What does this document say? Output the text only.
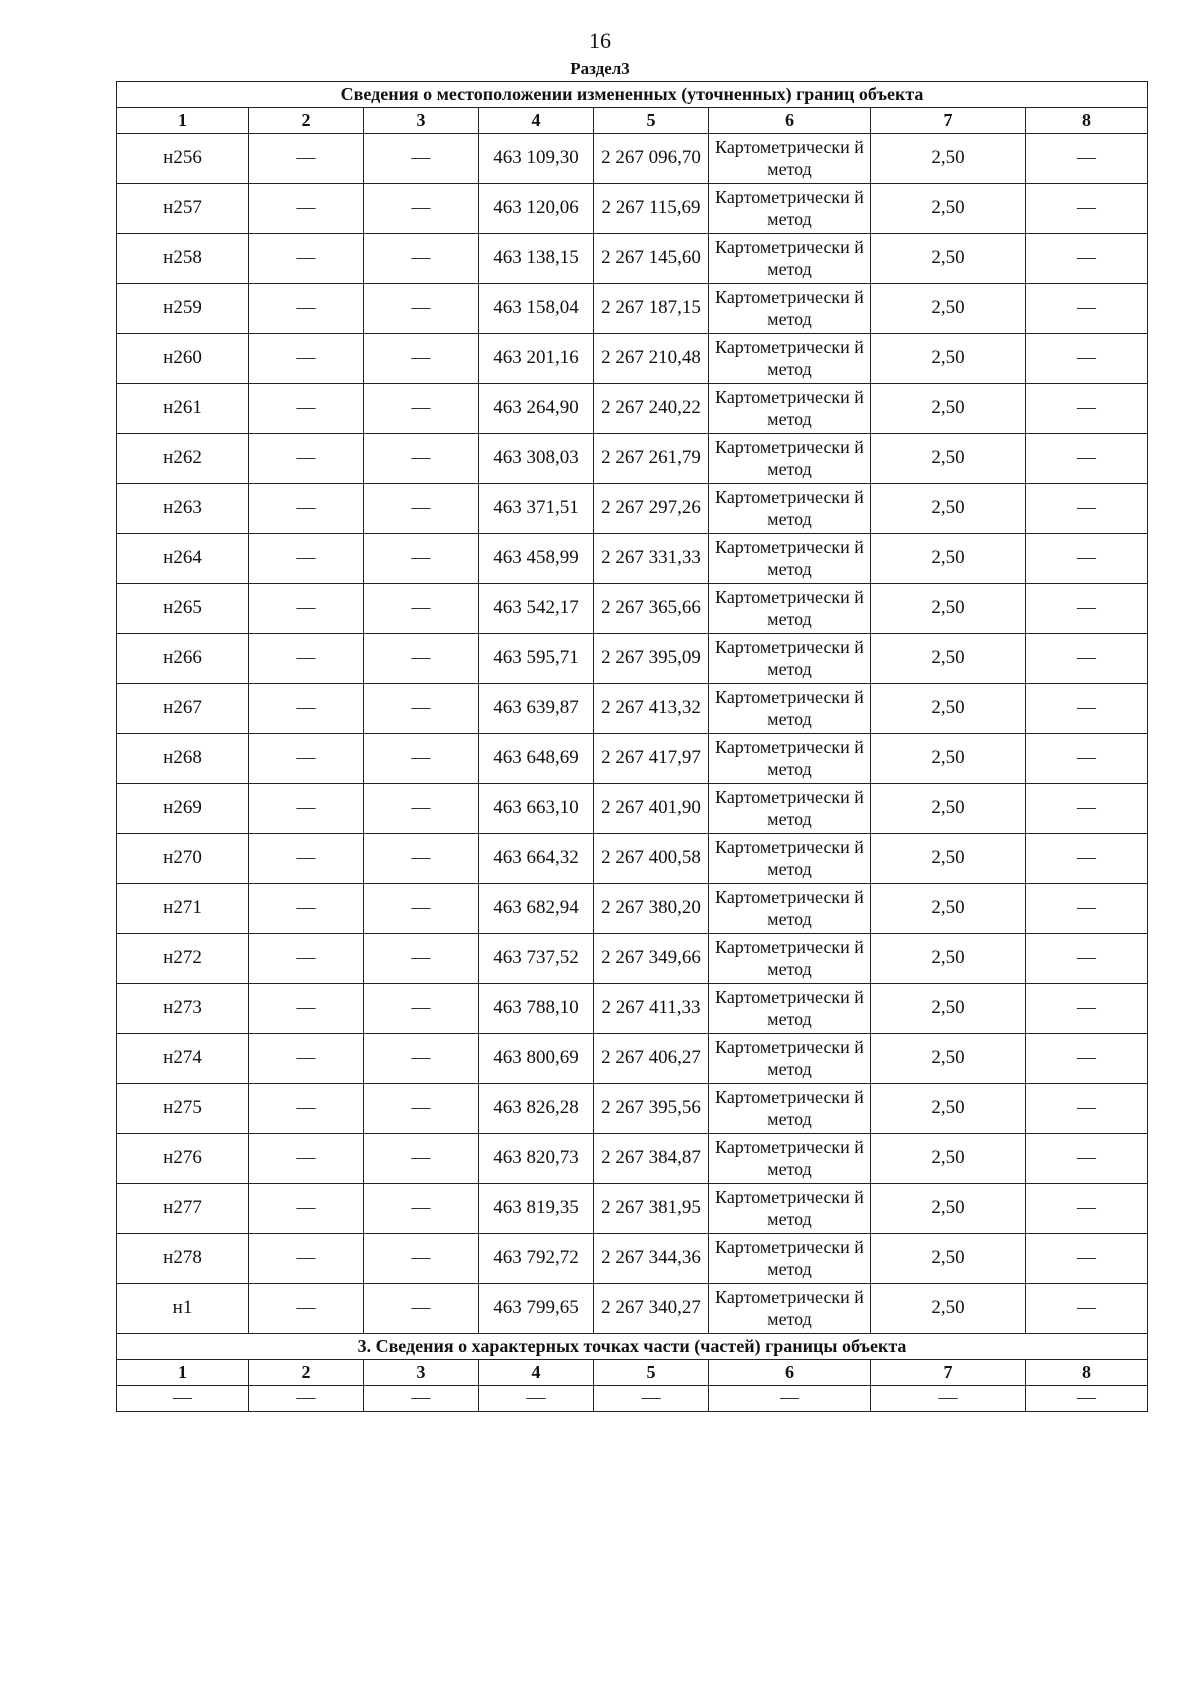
16
Раздел3
Сведения о местоположении измененных (уточненных) границ объекта							
1	2	3	4	5	6	7	8
н256	—	—	463 109,30	2 267 096,70	Картометрически й метод	2,50	—
н257	—	—	463 120,06	2 267 115,69	Картометрически й метод	2,50	—
н258	—	—	463 138,15	2 267 145,60	Картометрически й метод	2,50	—
н259	—	—	463 158,04	2 267 187,15	Картометрически й метод	2,50	—
н260	—	—	463 201,16	2 267 210,48	Картометрически й метод	2,50	—
н261	—	—	463 264,90	2 267 240,22	Картометрически й метод	2,50	—
н262	—	—	463 308,03	2 267 261,79	Картометрически й метод	2,50	—
н263	—	—	463 371,51	2 267 297,26	Картометрически й метод	2,50	—
н264	—	—	463 458,99	2 267 331,33	Картометрически й метод	2,50	—
н265	—	—	463 542,17	2 267 365,66	Картометрически й метод	2,50	—
н266	—	—	463 595,71	2 267 395,09	Картометрически й метод	2,50	—
н267	—	—	463 639,87	2 267 413,32	Картометрически й метод	2,50	—
н268	—	—	463 648,69	2 267 417,97	Картометрически й метод	2,50	—
н269	—	—	463 663,10	2 267 401,90	Картометрически й метод	2,50	—
н270	—	—	463 664,32	2 267 400,58	Картометрически й метод	2,50	—
н271	—	—	463 682,94	2 267 380,20	Картометрически й метод	2,50	—
н272	—	—	463 737,52	2 267 349,66	Картометрически й метод	2,50	—
н273	—	—	463 788,10	2 267 411,33	Картометрически й метод	2,50	—
н274	—	—	463 800,69	2 267 406,27	Картометрически й метод	2,50	—
н275	—	—	463 826,28	2 267 395,56	Картометрически й метод	2,50	—
н276	—	—	463 820,73	2 267 384,87	Картометрически й метод	2,50	—
н277	—	—	463 819,35	2 267 381,95	Картометрически й метод	2,50	—
н278	—	—	463 792,72	2 267 344,36	Картометрически й метод	2,50	—
н1	—	—	463 799,65	2 267 340,27	Картометрически й метод	2,50	—
3. Сведения о характерных точках части (частей) границы объекта							
1	2	3	4	5	6	7	8
—	—	—	—	—	—	—	—
